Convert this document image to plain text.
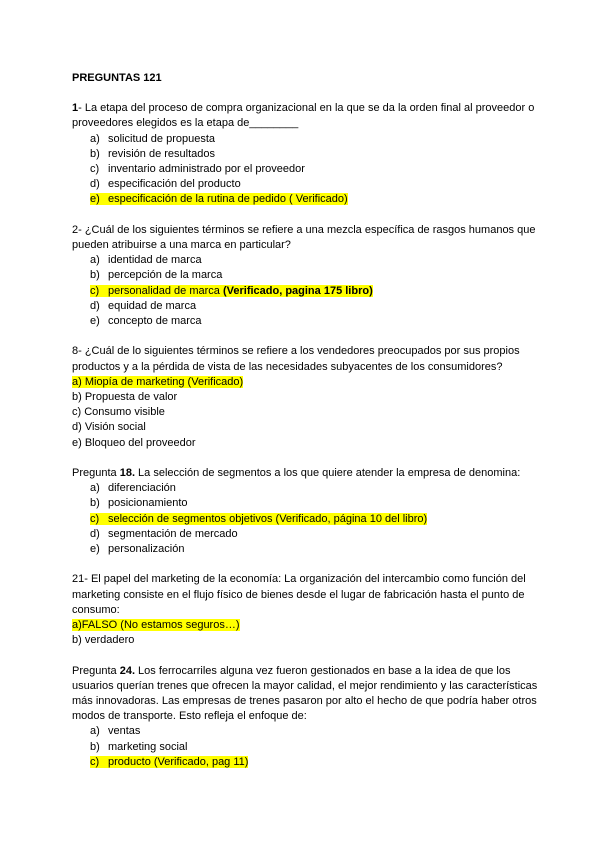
PREGUNTAS 121

1- La etapa del proceso de compra organizacional en la que se da la orden final al proveedor o proveedores elegidos es la etapa de________

a) solicitud de propuesta
b) revisión de resultados
c) inventario administrado por el proveedor
d) especificación del producto
e) especificación de la rutina de pedido ( Verificado)

2- ¿Cuál de los siguientes términos se refiere a una mezcla específica de rasgos humanos que pueden atribuirse a una marca en particular?

a) identidad de marca
b) percepción de la marca
c) personalidad de marca (Verificado, pagina 175 libro)
d) equidad de marca
e) concepto de marca

8- ¿Cuál de lo siguientes términos se refiere a los vendedores preocupados por sus propios productos y a la pérdida de vista de las necesidades subyacentes de los consumidores?

a) Miopía de marketing (Verificado)

b) Propuesta de valor

c) Consumo visible

d) Visión social

e) Bloqueo del proveedor

Pregunta 18. La selección de segmentos a los que quiere atender la empresa de denomina:

a) diferenciación
b) posicionamiento
c) selección de segmentos objetivos (Verificado, página 10 del libro)
d) segmentación de mercado
e) personalización

21- El papel del marketing de la economía: La organización del intercambio como función del marketing consiste en el flujo físico de bienes desde el lugar de fabricación hasta el punto de consumo:

a)FALSO (No estamos seguros…)

b) verdadero

Pregunta 24. Los ferrocarriles alguna vez fueron gestionados en base a la idea de que los usuarios querían trenes que ofrecen la mayor calidad, el mejor rendimiento y las características más innovadoras. Las empresas de trenes pasaron por alto el hecho de que podría haber otros modos de transporte. Esto refleja el enfoque de:

a) ventas
b) marketing social
c) producto (Verificado, pag 11)
